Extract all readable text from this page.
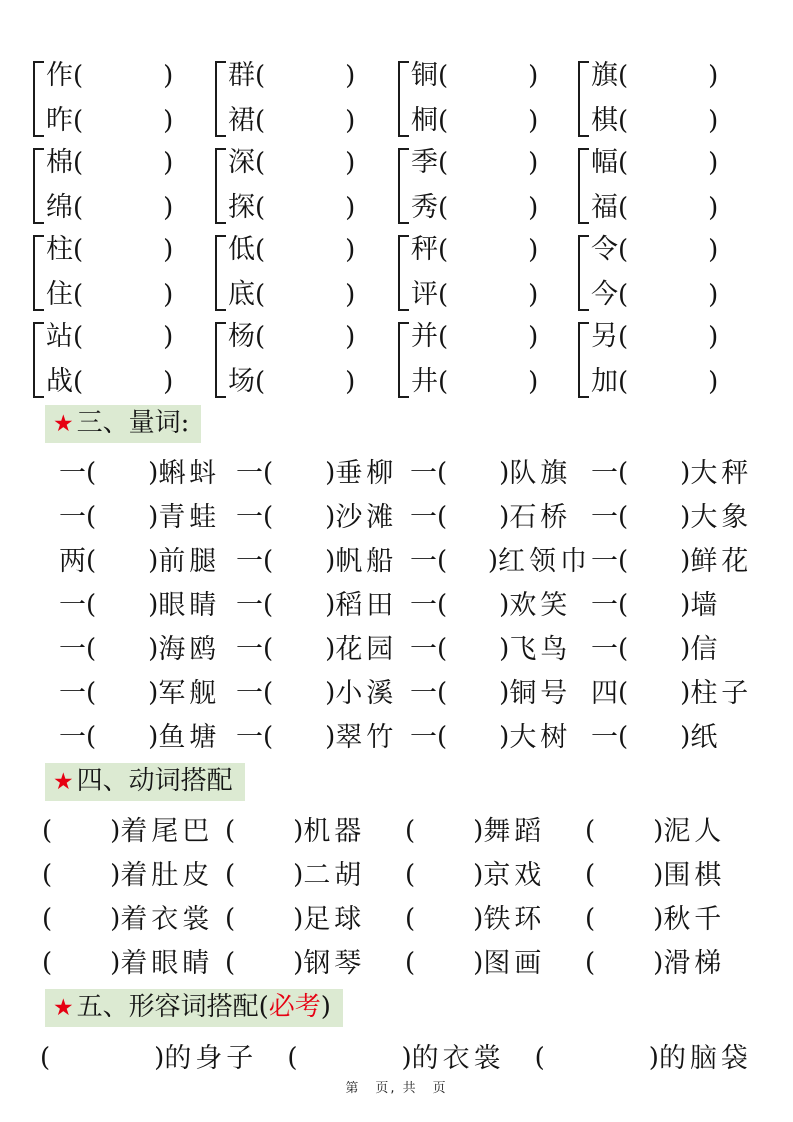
作 (	)
昨 (	)
群 (	)
裙 (	)
铜 (	)
桐 (	)
旗 (	)
棋 (	)
棉 (	)
绵 (	)
深 (	)
探 (	)
季 (	)
秀 (	)
幅 (	)
福 (	)
柱 (	)
住 (	)
低 (	)
底 (	)
秤 (	)
评 (	)
令 (	)
今 (	)
站 (	)
战 (	)
杨 (	)
场 (	)
并 (	)
井 (	)
另 (	)
加 (	)
★ 三、量词:
一 ( ) 蝌蚪 一 ( ) 垂柳 一 ( ) 队旗 一 ( ) 大秤
一 ( ) 青蛙 一 ( ) 沙滩 一 ( ) 石桥 一 ( ) 大象
两 ( ) 前腿 一 ( ) 帆船 一 ( ) 红领巾 一 ( ) 鲜花
一 ( ) 眼睛 一 ( ) 稻田 一 ( ) 欢笑 一 ( ) 墙
一 ( ) 海鸥 一 ( ) 花园 一 ( ) 飞鸟 一 ( ) 信
一 ( ) 军舰 一 ( ) 小溪 一 ( ) 铜号 四 ( ) 柱子
一 ( ) 鱼塘 一 ( ) 翠竹 一 ( ) 大树 一 ( ) 纸
★ 四、动词搭配
( ) 着尾巴 ( ) 机器 ( ) 舞蹈 ( ) 泥人
( ) 着肚皮 ( ) 二胡 ( ) 京戏 ( ) 围棋
( ) 着衣裳 ( ) 足球 ( ) 铁环 ( ) 秋千
( ) 着眼睛 ( ) 钢琴 ( ) 图画 ( ) 滑梯
★ 五、形容词搭配(必考)
(	) 的身子 (	) 的衣裳 (	) 的脑袋
第　页, 共　页
